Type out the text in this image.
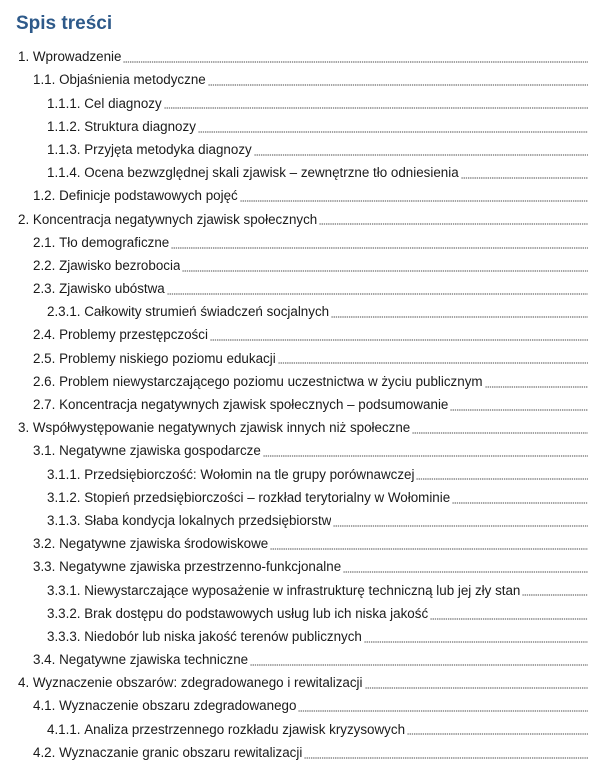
Spis treści
1.
Wprowadzenie
1.1.
Objaśnienia metodyczne
1.1.1.
Cel diagnozy
1.1.2.
Struktura diagnozy
1.1.3.
Przyjęta metodyka diagnozy
1.1.4.
Ocena bezwzględnej skali zjawisk – zewnętrzne tło odniesienia
1.2.
Definicje podstawowych pojęć
2.
Koncentracja negatywnych zjawisk społecznych
2.1.
Tło demograficzne
2.2.
Zjawisko bezrobocia
2.3.
Zjawisko ubóstwa
2.3.1.
Całkowity strumień świadczeń socjalnych
2.4.
Problemy przestępczości
2.5.
Problemy niskiego poziomu edukacji
2.6.
Problem niewystarczającego poziomu uczestnictwa w życiu publicznym
2.7.
Koncentracja negatywnych zjawisk społecznych – podsumowanie
3.
Współwystępowanie negatywnych zjawisk innych niż społeczne
3.1.
Negatywne zjawiska gospodarcze
3.1.1.
Przedsiębiorczość: Wołomin na tle grupy porównawczej
3.1.2.
Stopień przedsiębiorczości – rozkład terytorialny w Wołominie
3.1.3.
Słaba kondycja lokalnych przedsiębiorstw
3.2.
Negatywne zjawiska środowiskowe
3.3.
Negatywne zjawiska przestrzenno-funkcjonalne
3.3.1.
Niewystarczające wyposażenie w infrastrukturę techniczną lub jej zły stan
3.3.2.
Brak dostępu do podstawowych usług lub ich niska jakość
3.3.3.
Niedobór lub niska jakość terenów publicznych
3.4.
Negatywne zjawiska techniczne
4.
Wyznaczenie obszarów: zdegradowanego i rewitalizacji
4.1.
Wyznaczenie obszaru zdegradowanego
4.1.1.
Analiza przestrzennego rozkładu zjawisk kryzysowych
4.2.
Wyznaczanie granic obszaru rewitalizacji
